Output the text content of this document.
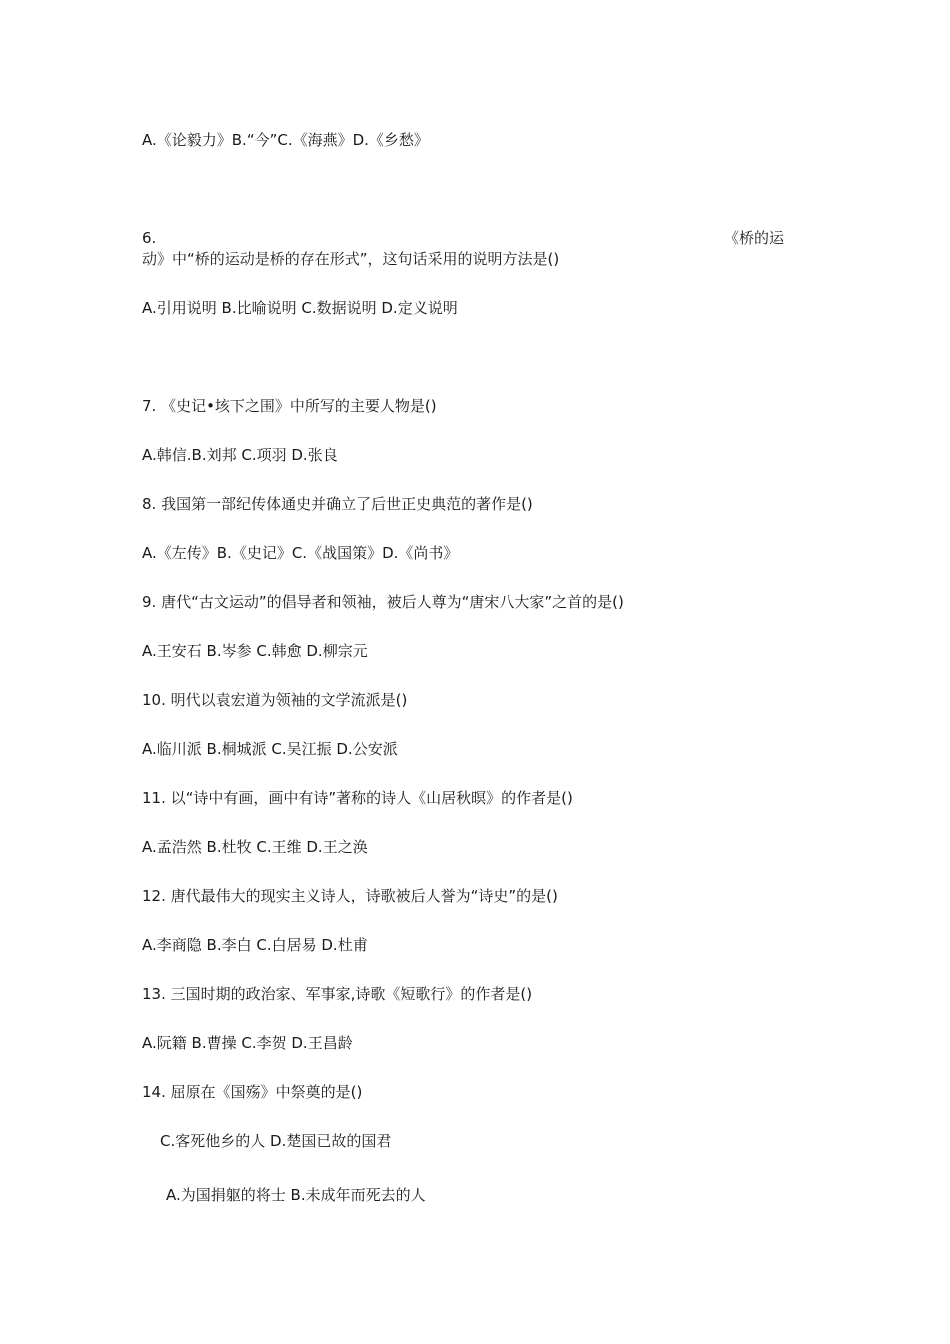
A.《论毅力》B.“今”C.《海燕》D.《乡愁》
6.	《桥的运
动》中“桥的运动是桥的存在形式”，这句话采用的说明方法是()
A.引用说明 B.比喻说明 C.数据说明 D.定义说明
7. 《史记•垓下之围》中所写的主要人物是()
A.韩信.B.刘邦 C.项羽 D.张良
8. 我国第一部纪传体通史并确立了后世正史典范的著作是()
A.《左传》B.《史记》C.《战国策》D.《尚书》
9. 唐代“古文运动”的倡导者和领袖，被后人尊为“唐宋八大家”之首的是()
A.王安石 B.岑参 C.韩愈 D.柳宗元
10. 明代以袁宏道为领袖的文学流派是()
A.临川派 B.桐城派 C.吴江振 D.公安派
11. 以“诗中有画，画中有诗”著称的诗人《山居秋暝》的作者是()
A.孟浩然 B.杜牧 C.王维 D.王之涣
12. 唐代最伟大的现实主义诗人，诗歌被后人誉为“诗史”的是()
A.李商隐 B.李白 C.白居易 D.杜甫
13. 三国时期的政治家、军事家,诗歌《短歌行》的作者是()
A.阮籍 B.曹操 C.李贺 D.王昌龄
14. 屈原在《国殇》中祭奠的是()
C.客死他乡的人 D.楚国已故的国君
A.为国捐躯的将士 B.未成年而死去的人
